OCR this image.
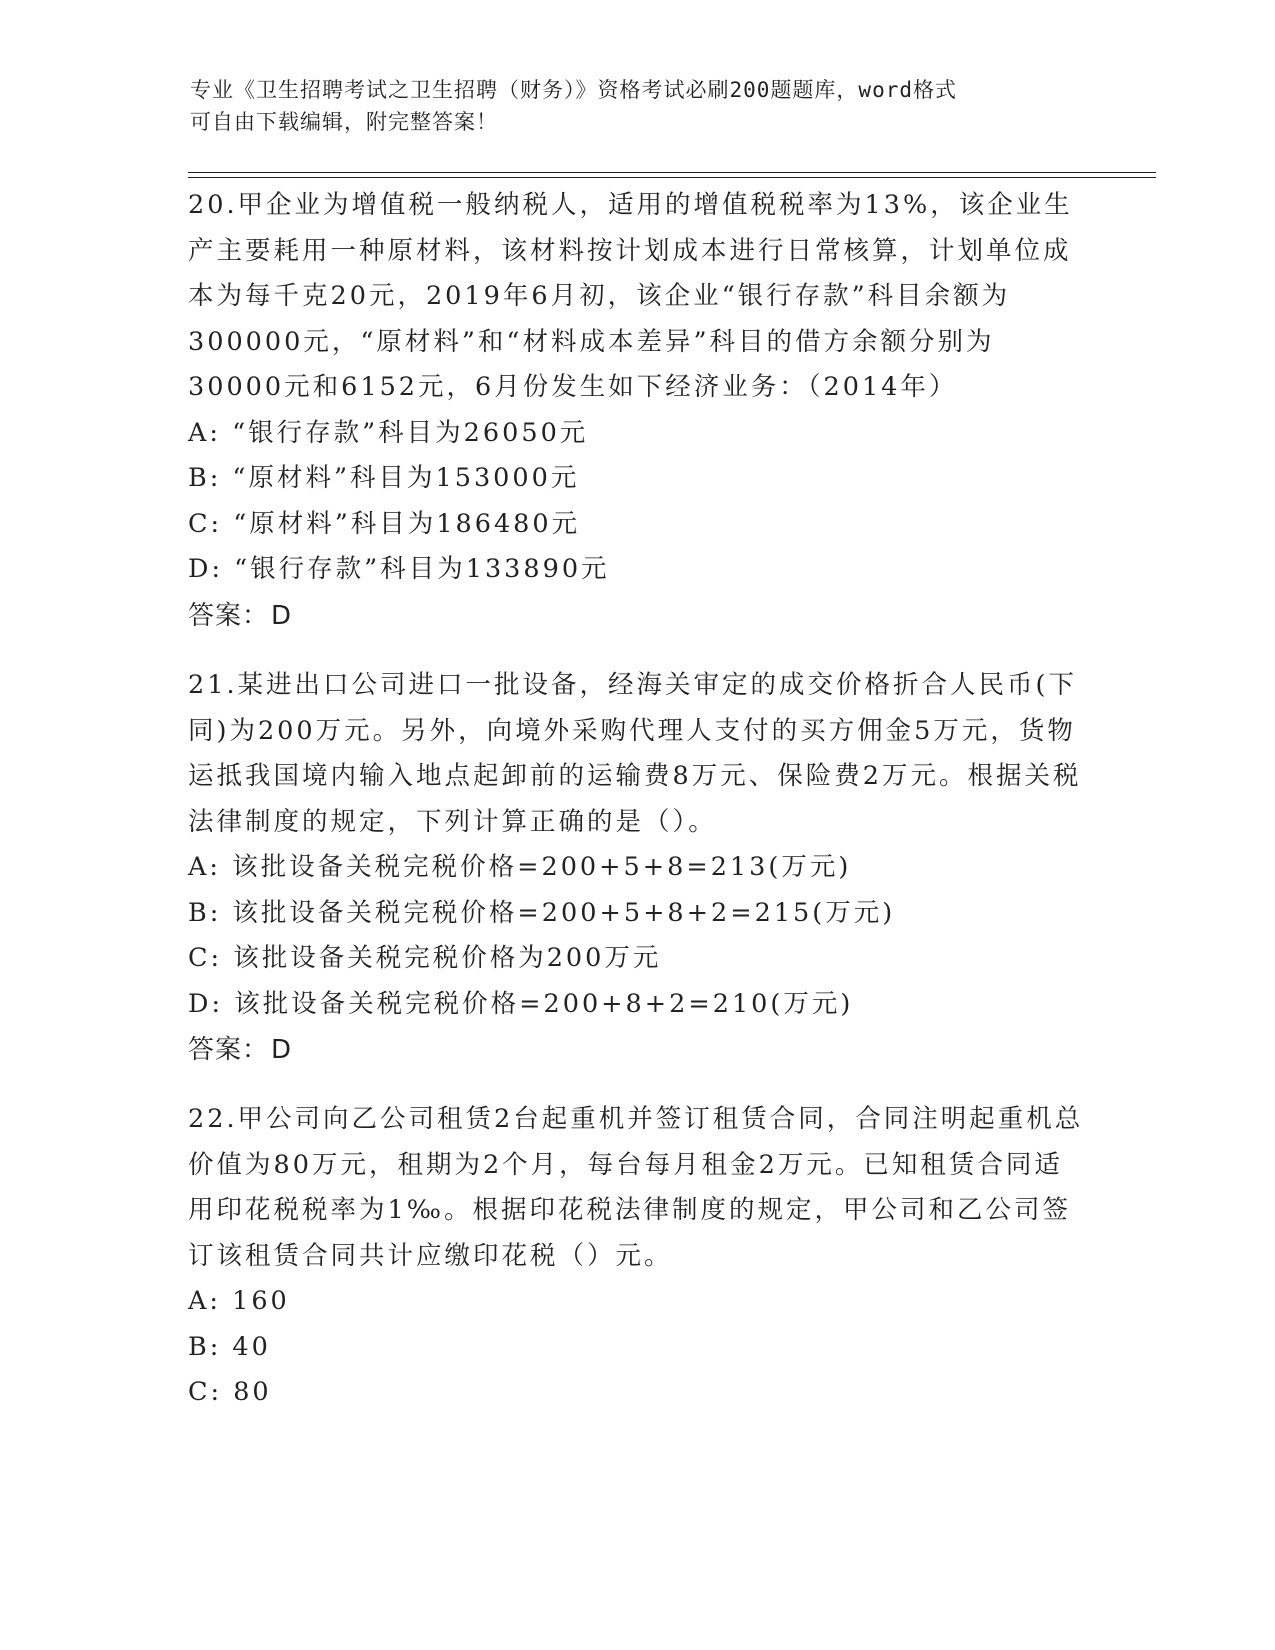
专业《卫生招聘考试之卫生招聘（财务）》资格考试必刷200题题库，word格式
可自由下载编辑，附完整答案！
20.甲企业为增值税一般纳税人，适用的增值税税率为13%，该企业生产主要耗用一种原材料，该材料按计划成本进行日常核算，计划单位成本为每千克20元，2019年6月初，该企业“银行存款”科目余额为300000元，“原材料”和“材料成本差异”科目的借方余额分别为30000元和6152元，6月份发生如下经济业务：（2014年）
A: “银行存款”科目为26050元
B: “原材料”科目为153000元
C: “原材料”科目为186480元
D: “银行存款”科目为133890元
答案：D
21.某进出口公司进口一批设备，经海关审定的成交价格折合人民币(下同)为200万元。另外，向境外采购代理人支付的买方佣金5万元，货物运抵我国境内输入地点起卸前的运输费8万元、保险费2万元。根据关税法律制度的规定，下列计算正确的是（）。
A: 该批设备关税完税价格=200+5+8=213(万元)
B: 该批设备关税完税价格=200+5+8+2=215(万元)
C: 该批设备关税完税价格为200万元
D: 该批设备关税完税价格=200+8+2=210(万元)
答案：D
22.甲公司向乙公司租赁2台起重机并签订租赁合同，合同注明起重机总价值为80万元，租期为2个月，每台每月租金2万元。已知租赁合同适用印花税税率为1‰。根据印花税法律制度的规定，甲公司和乙公司签订该租赁合同共计应缴印花税（）元。
A: 160
B: 40
C: 80
